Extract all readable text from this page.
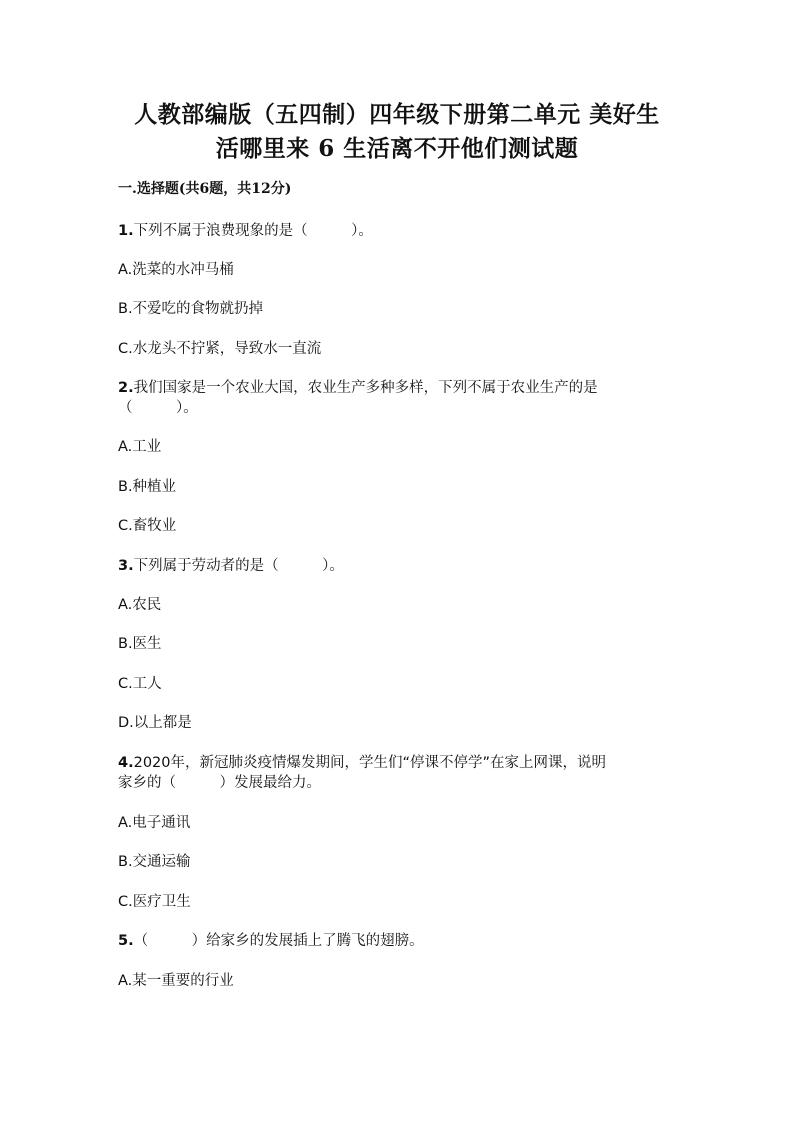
人教部编版（五四制）四年级下册第二单元 美好生
活哪里来 6 生活离不开他们测试题
一.选择题(共6题，共12分)
1.下列不属于浪费现象的是（　　　）。
A.洗菜的水冲马桶
B.不爱吃的食物就扔掉
C.水龙头不拧紧，导致水一直流
2.我们国家是一个农业大国，农业生产多种多样，下列不属于农业生产的是
（　　　）。
A.工业
B.种植业
C.畜牧业
3.下列属于劳动者的是（　　　）。
A.农民
B.医生
C.工人
D.以上都是
4.2020年，新冠肺炎疫情爆发期间，学生们“停课不停学”在家上网课，说明
家乡的（　　　）发展最给力。
A.电子通讯
B.交通运输
C.医疗卫生
5.（　　　）给家乡的发展插上了腾飞的翅膀。
A.某一重要的行业
